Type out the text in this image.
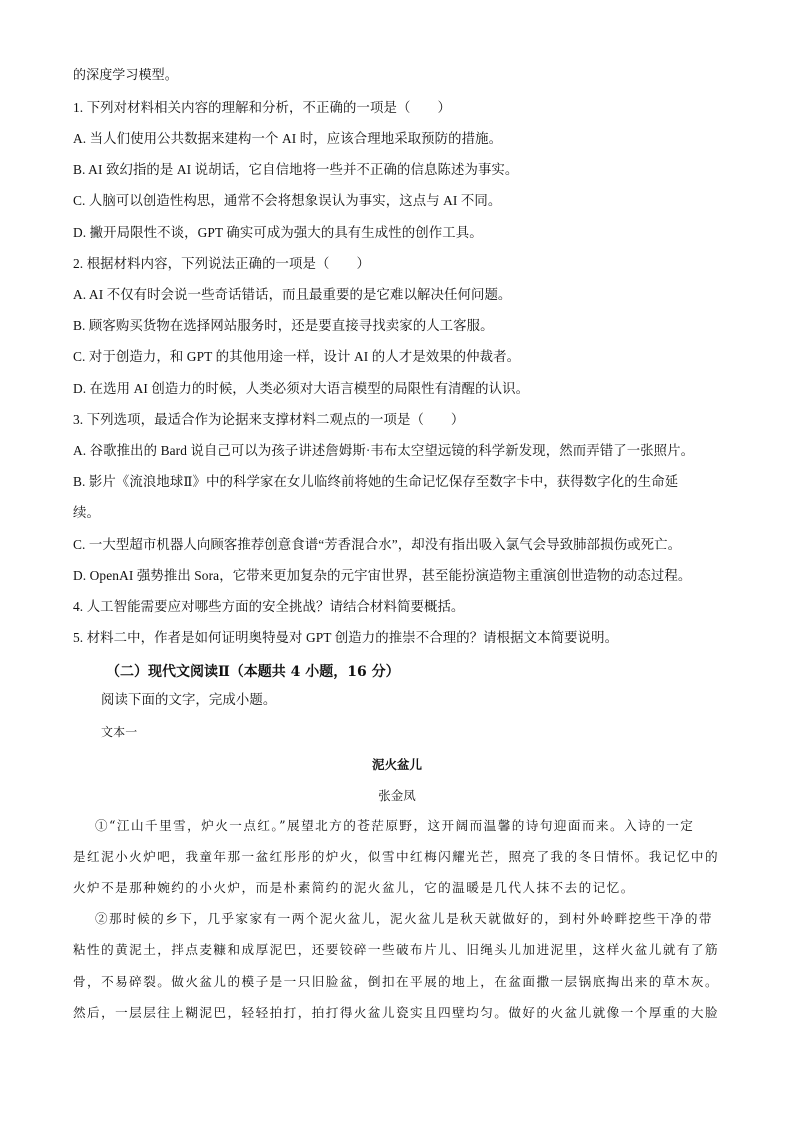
的深度学习模型。
1. 下列对材料相关内容的理解和分析，不正确的一项是（　　）
A. 当人们使用公共数据来建构一个 AI 时，应该合理地采取预防的措施。
B. AI 致幻指的是 AI 说胡话，它自信地将一些并不正确的信息陈述为事实。
C. 人脑可以创造性构思，通常不会将想象误认为事实，这点与 AI 不同。
D. 撇开局限性不谈，GPT 确实可成为强大的具有生成性的创作工具。
2. 根据材料内容，下列说法正确的一项是（　　）
A. AI 不仅有时会说一些奇话错话，而且最重要的是它难以解决任何问题。
B. 顾客购买货物在选择网站服务时，还是要直接寻找卖家的人工客服。
C. 对于创造力，和 GPT 的其他用途一样，设计 AI 的人才是效果的仲裁者。
D. 在选用 AI 创造力的时候，人类必须对大语言模型的局限性有清醒的认识。
3. 下列选项，最适合作为论据来支撑材料二观点的一项是（　　）
A. 谷歌推出的 Bard 说自己可以为孩子讲述詹姆斯·韦布太空望远镜的科学新发现，然而弄错了一张照片。
B. 影片《流浪地球Ⅱ》中的科学家在女儿临终前将她的生命记忆保存至数字卡中，获得数字化的生命延
续。
C. 一大型超市机器人向顾客推荐创意食谱“芳香混合水”，却没有指出吸入氯气会导致肺部损伤或死亡。
D. OpenAI 强势推出 Sora，它带来更加复杂的元宇宙世界，甚至能扮演造物主重演创世造物的动态过程。
4. 人工智能需要应对哪些方面的安全挑战？请结合材料简要概括。
5. 材料二中，作者是如何证明奥特曼对 GPT 创造力的推崇不合理的？请根据文本简要说明。
（二）现代文阅读Ⅱ（本题共 4 小题，16 分）
阅读下面的文字，完成小题。
文本一
泥火盆儿
张金凤
①“江山千里雪，炉火一点红。”展望北方的苍茫原野，这开阔而温馨的诗句迎面而来。入诗的一定
是红泥小火炉吧，我童年那一盆红彤彤的炉火，似雪中红梅闪耀光芒，照亮了我的冬日情怀。我记忆中的
火炉不是那种婉约的小火炉，而是朴素简约的泥火盆儿，它的温暖是几代人抹不去的记忆。
②那时候的乡下，几乎家家有一两个泥火盆儿，泥火盆儿是秋天就做好的，到村外岭畔挖些干净的带
粘性的黄泥土，拌点麦糠和成厚泥巴，还要铰碎一些破布片儿、旧绳头儿加进泥里，这样火盆儿就有了筋
骨，不易碎裂。做火盆儿的模子是一只旧脸盆，倒扣在平展的地上，在盆面撒一层锅底掏出来的草木灰。
然后，一层层往上糊泥巴，轻轻拍打，拍打得火盆儿瓷实且四壁均匀。做好的火盆儿就像一个厚重的大脸
